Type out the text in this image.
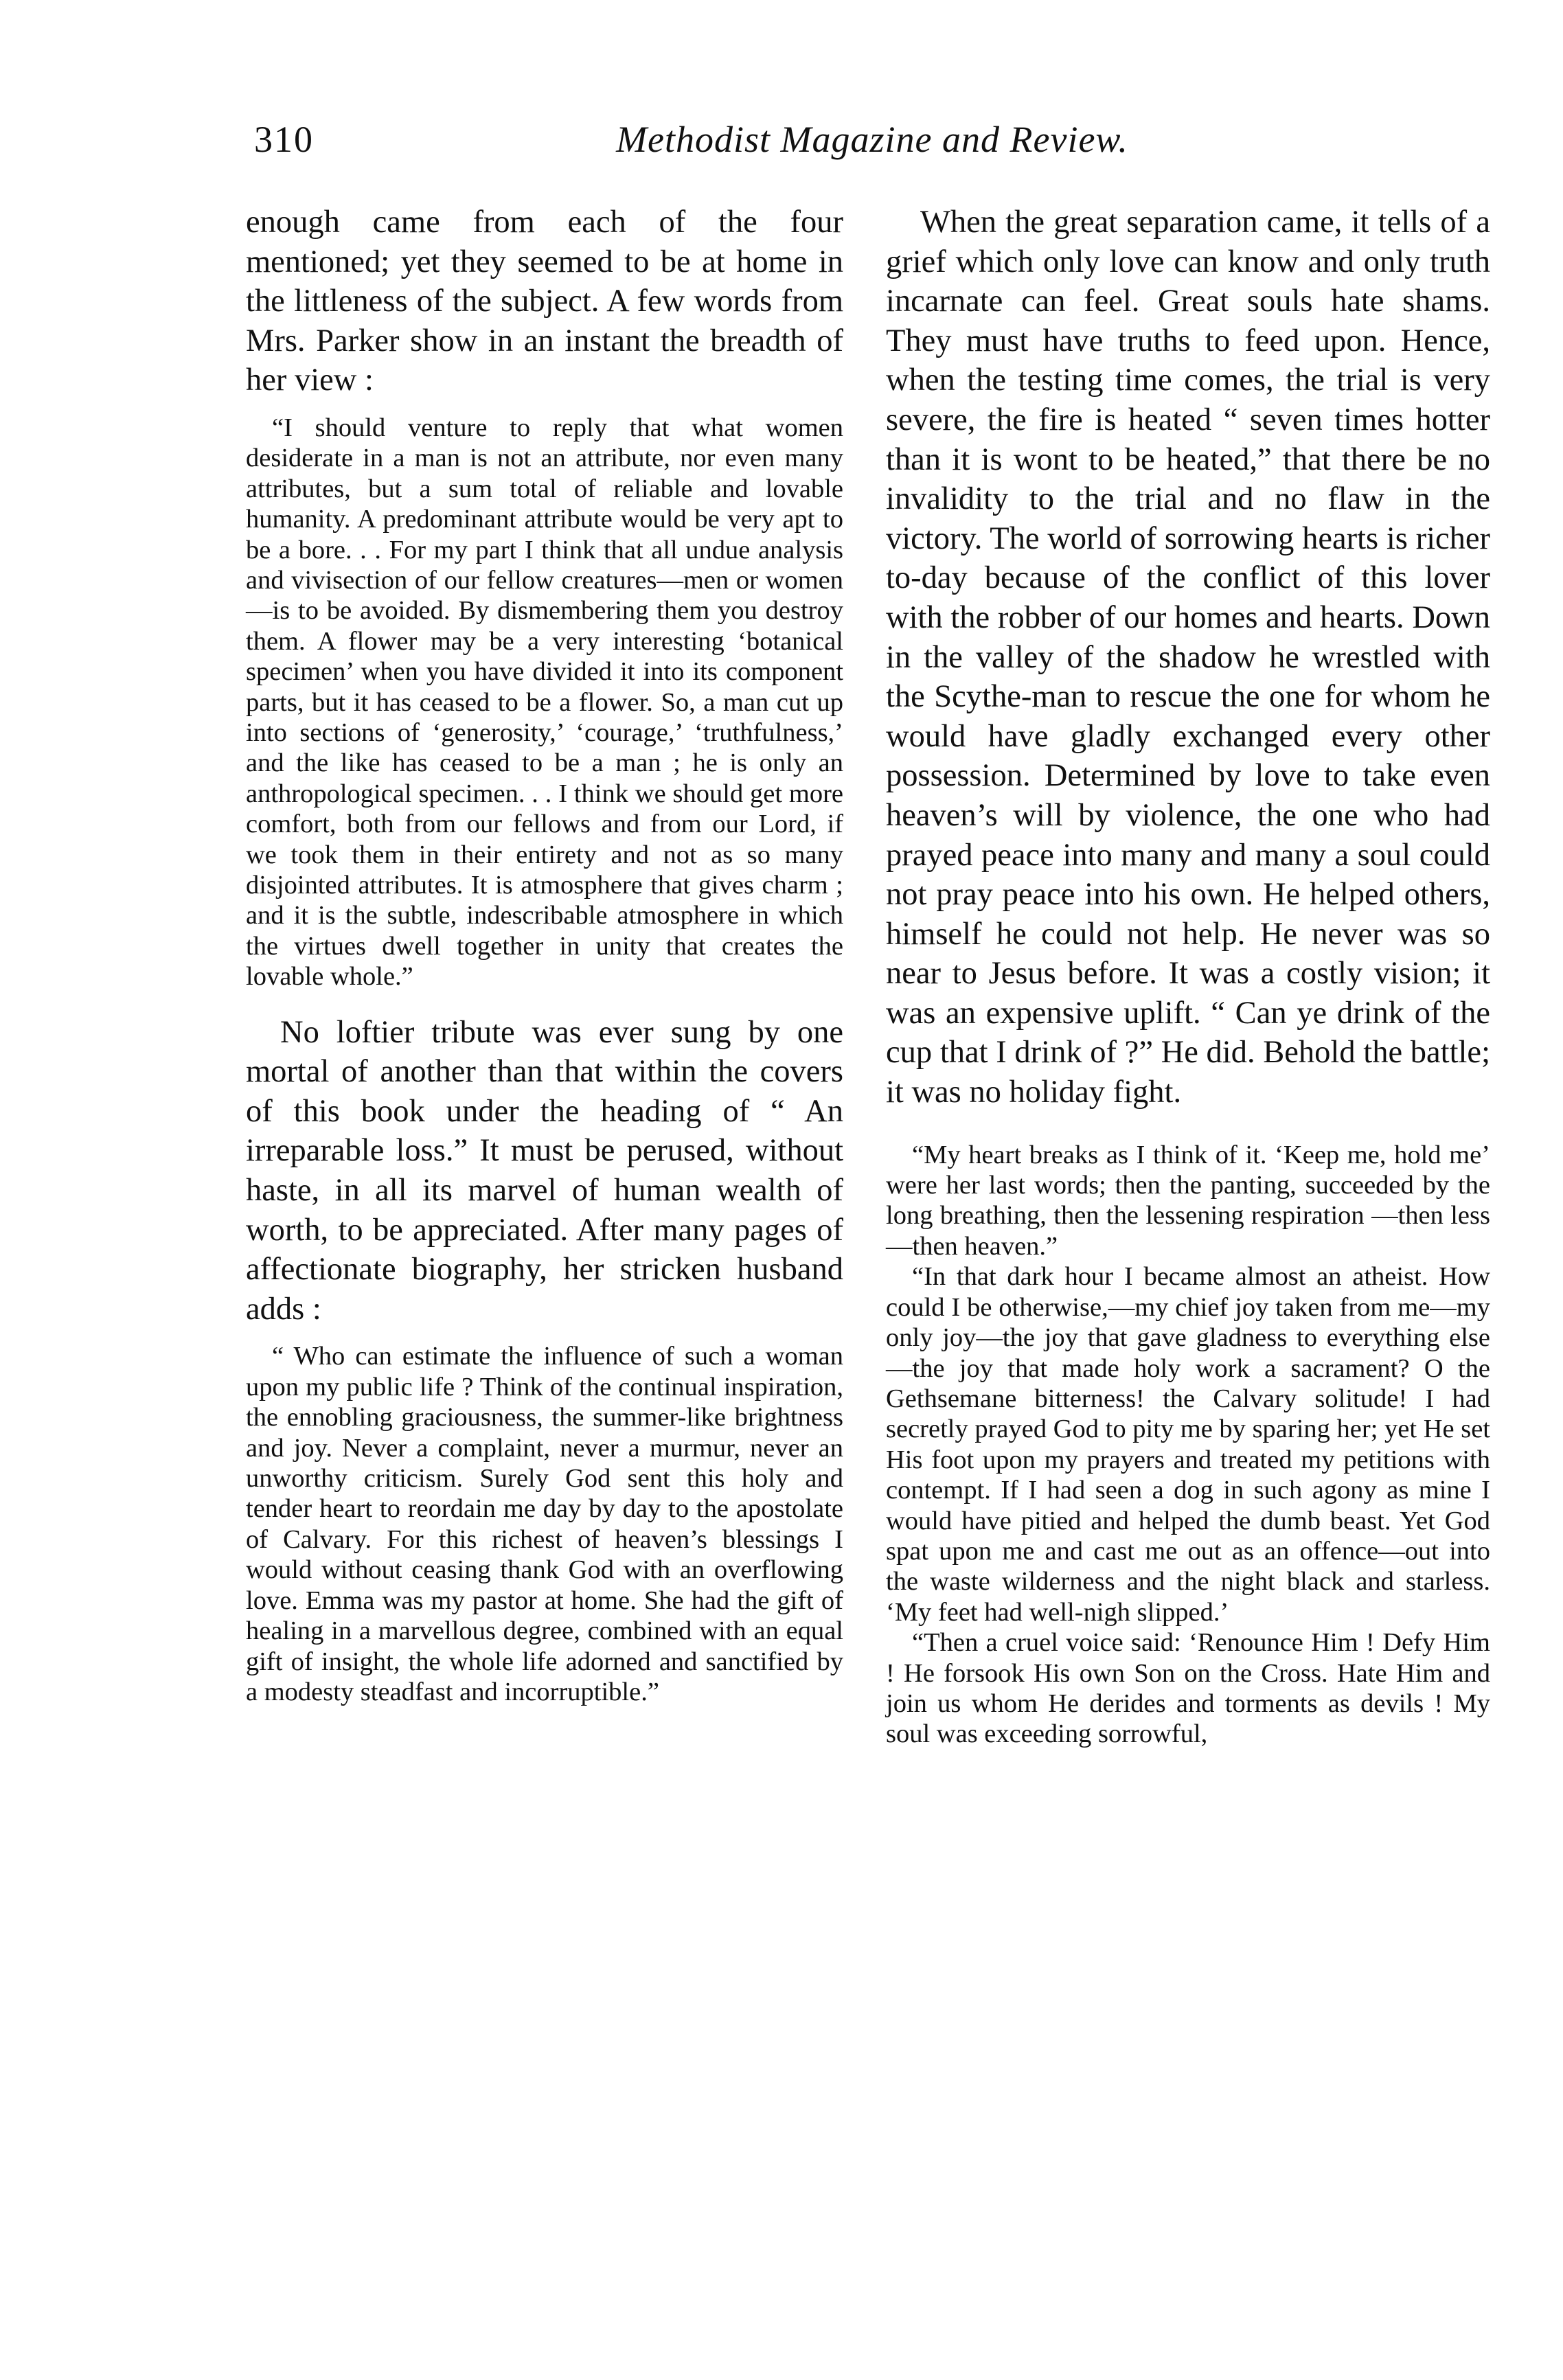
310	Methodist Magazine and Review.

enough came from each of the four mentioned; yet they seemed to be at home in the littleness of the subject. A few words from Mrs. Parker show in an instant the breadth of her view :

“I should venture to reply that what women desiderate in a man is not an attribute, nor even many attributes, but a sum total of reliable and lovable humanity. A predominant attribute would be very apt to be a bore. . . For my part I think that all undue analysis and vivisection of our fellow creatures—men or women—is to be avoided. By dismembering them you destroy them. A flower may be a very interesting ‘botanical specimen’ when you have divided it into its component parts, but it has ceased to be a flower. So, a man cut up into sections of ‘generosity,’ ‘courage,’ ‘truthfulness,’ and the like has ceased to be a man ; he is only an anthropological specimen. . . I think we should get more comfort, both from our fellows and from our Lord, if we took them in their entirety and not as so many disjointed attributes. It is atmosphere that gives charm ; and it is the subtle, indescribable atmosphere in which the virtues dwell together in unity that creates the lovable whole.”

No loftier tribute was ever sung by one mortal of another than that within the covers of this book under the heading of “ An irreparable loss.” It must be perused, without haste, in all its marvel of human wealth of worth, to be appreciated. After many pages of affectionate biography, her stricken husband adds :

“ Who can estimate the influence of such a woman upon my public life ? Think of the continual inspiration, the ennobling graciousness, the summer-like brightness and joy. Never a complaint, never a murmur, never an unworthy criticism. Surely God sent this holy and tender heart to reordain me day by day to the apostolate of Calvary. For this richest of heaven’s blessings I would without ceasing thank God with an overflowing love. Emma was my pastor at home. She had the gift of healing in a marvellous degree, combined with an equal gift of insight, the whole life adorned and sanctified by a modesty steadfast and incorruptible.”

When the great separation came, it tells of a grief which only love can know and only truth incarnate can feel. Great souls hate shams. They must have truths to feed upon. Hence, when the testing time comes, the trial is very severe, the fire is heated “ seven times hotter than it is wont to be heated,” that there be no invalidity to the trial and no flaw in the victory. The world of sorrowing hearts is richer to-day because of the conflict of this lover with the robber of our homes and hearts. Down in the valley of the shadow he wrestled with the Scythe-man to rescue the one for whom he would have gladly exchanged every other possession. Determined by love to take even heaven’s will by violence, the one who had prayed peace into many and many a soul could not pray peace into his own. He helped others, himself he could not help. He never was so near to Jesus before. It was a costly vision; it was an expensive uplift. “ Can ye drink of the cup that I drink of ?” He did. Behold the battle; it was no holiday fight.

“My heart breaks as I think of it. ‘Keep me, hold me’ were her last words; then the panting, succeeded by the long breathing, then the lessening respiration —then less—then heaven.”

“In that dark hour I became almost an atheist. How could I be otherwise,—my chief joy taken from me—my only joy—the joy that gave gladness to everything else—the joy that made holy work a sacrament? O the Gethsemane bitterness! the Calvary solitude! I had secretly prayed God to pity me by sparing her; yet He set His foot upon my prayers and treated my petitions with contempt. If I had seen a dog in such agony as mine I would have pitied and helped the dumb beast. Yet God spat upon me and cast me out as an offence—out into the waste wilderness and the night black and starless. ‘My feet had well-nigh slipped.’

“Then a cruel voice said: ‘Renounce Him ! Defy Him ! He forsook His own Son on the Cross. Hate Him and join us whom He derides and torments as devils ! My soul was exceeding sorrowful,
